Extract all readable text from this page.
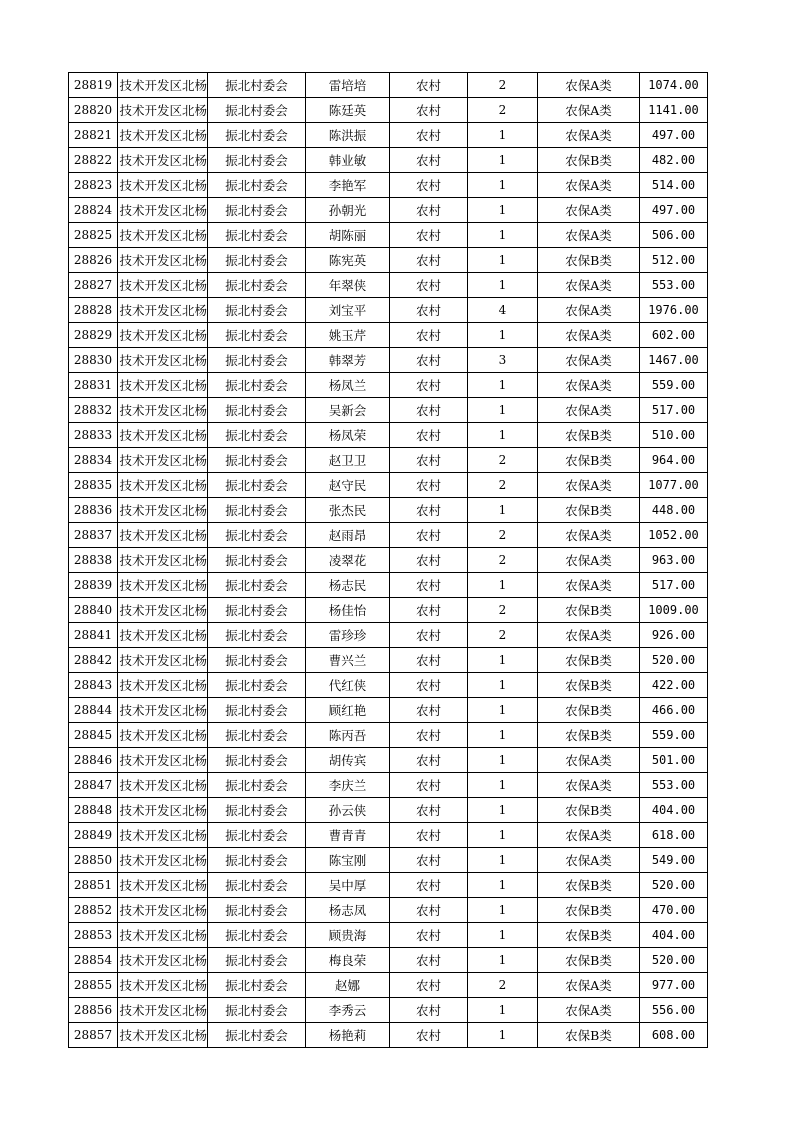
28819	技术开发区北杨	振北村委会	雷培培	农村	2	农保A类	1074.00
28820	技术开发区北杨	振北村委会	陈廷英	农村	2	农保A类	1141.00
28821	技术开发区北杨	振北村委会	陈洪振	农村	1	农保A类	497.00
28822	技术开发区北杨	振北村委会	韩业敏	农村	1	农保B类	482.00
28823	技术开发区北杨	振北村委会	李艳军	农村	1	农保A类	514.00
28824	技术开发区北杨	振北村委会	孙朝光	农村	1	农保A类	497.00
28825	技术开发区北杨	振北村委会	胡陈丽	农村	1	农保A类	506.00
28826	技术开发区北杨	振北村委会	陈宪英	农村	1	农保B类	512.00
28827	技术开发区北杨	振北村委会	年翠侠	农村	1	农保A类	553.00
28828	技术开发区北杨	振北村委会	刘宝平	农村	4	农保A类	1976.00
28829	技术开发区北杨	振北村委会	姚玉芹	农村	1	农保A类	602.00
28830	技术开发区北杨	振北村委会	韩翠芳	农村	3	农保A类	1467.00
28831	技术开发区北杨	振北村委会	杨凤兰	农村	1	农保A类	559.00
28832	技术开发区北杨	振北村委会	吴新会	农村	1	农保A类	517.00
28833	技术开发区北杨	振北村委会	杨凤荣	农村	1	农保B类	510.00
28834	技术开发区北杨	振北村委会	赵卫卫	农村	2	农保B类	964.00
28835	技术开发区北杨	振北村委会	赵守民	农村	2	农保A类	1077.00
28836	技术开发区北杨	振北村委会	张杰民	农村	1	农保B类	448.00
28837	技术开发区北杨	振北村委会	赵雨昂	农村	2	农保A类	1052.00
28838	技术开发区北杨	振北村委会	凌翠花	农村	2	农保A类	963.00
28839	技术开发区北杨	振北村委会	杨志民	农村	1	农保A类	517.00
28840	技术开发区北杨	振北村委会	杨佳怡	农村	2	农保B类	1009.00
28841	技术开发区北杨	振北村委会	雷珍珍	农村	2	农保A类	926.00
28842	技术开发区北杨	振北村委会	曹兴兰	农村	1	农保B类	520.00
28843	技术开发区北杨	振北村委会	代红侠	农村	1	农保B类	422.00
28844	技术开发区北杨	振北村委会	顾红艳	农村	1	农保B类	466.00
28845	技术开发区北杨	振北村委会	陈丙吾	农村	1	农保B类	559.00
28846	技术开发区北杨	振北村委会	胡传宾	农村	1	农保A类	501.00
28847	技术开发区北杨	振北村委会	李庆兰	农村	1	农保A类	553.00
28848	技术开发区北杨	振北村委会	孙云侠	农村	1	农保B类	404.00
28849	技术开发区北杨	振北村委会	曹青青	农村	1	农保A类	618.00
28850	技术开发区北杨	振北村委会	陈宝刚	农村	1	农保A类	549.00
28851	技术开发区北杨	振北村委会	吴中厚	农村	1	农保B类	520.00
28852	技术开发区北杨	振北村委会	杨志凤	农村	1	农保B类	470.00
28853	技术开发区北杨	振北村委会	顾贵海	农村	1	农保B类	404.00
28854	技术开发区北杨	振北村委会	梅良荣	农村	1	农保B类	520.00
28855	技术开发区北杨	振北村委会	赵娜	农村	2	农保A类	977.00
28856	技术开发区北杨	振北村委会	李秀云	农村	1	农保A类	556.00
28857	技术开发区北杨	振北村委会	杨艳莉	农村	1	农保B类	608.00
